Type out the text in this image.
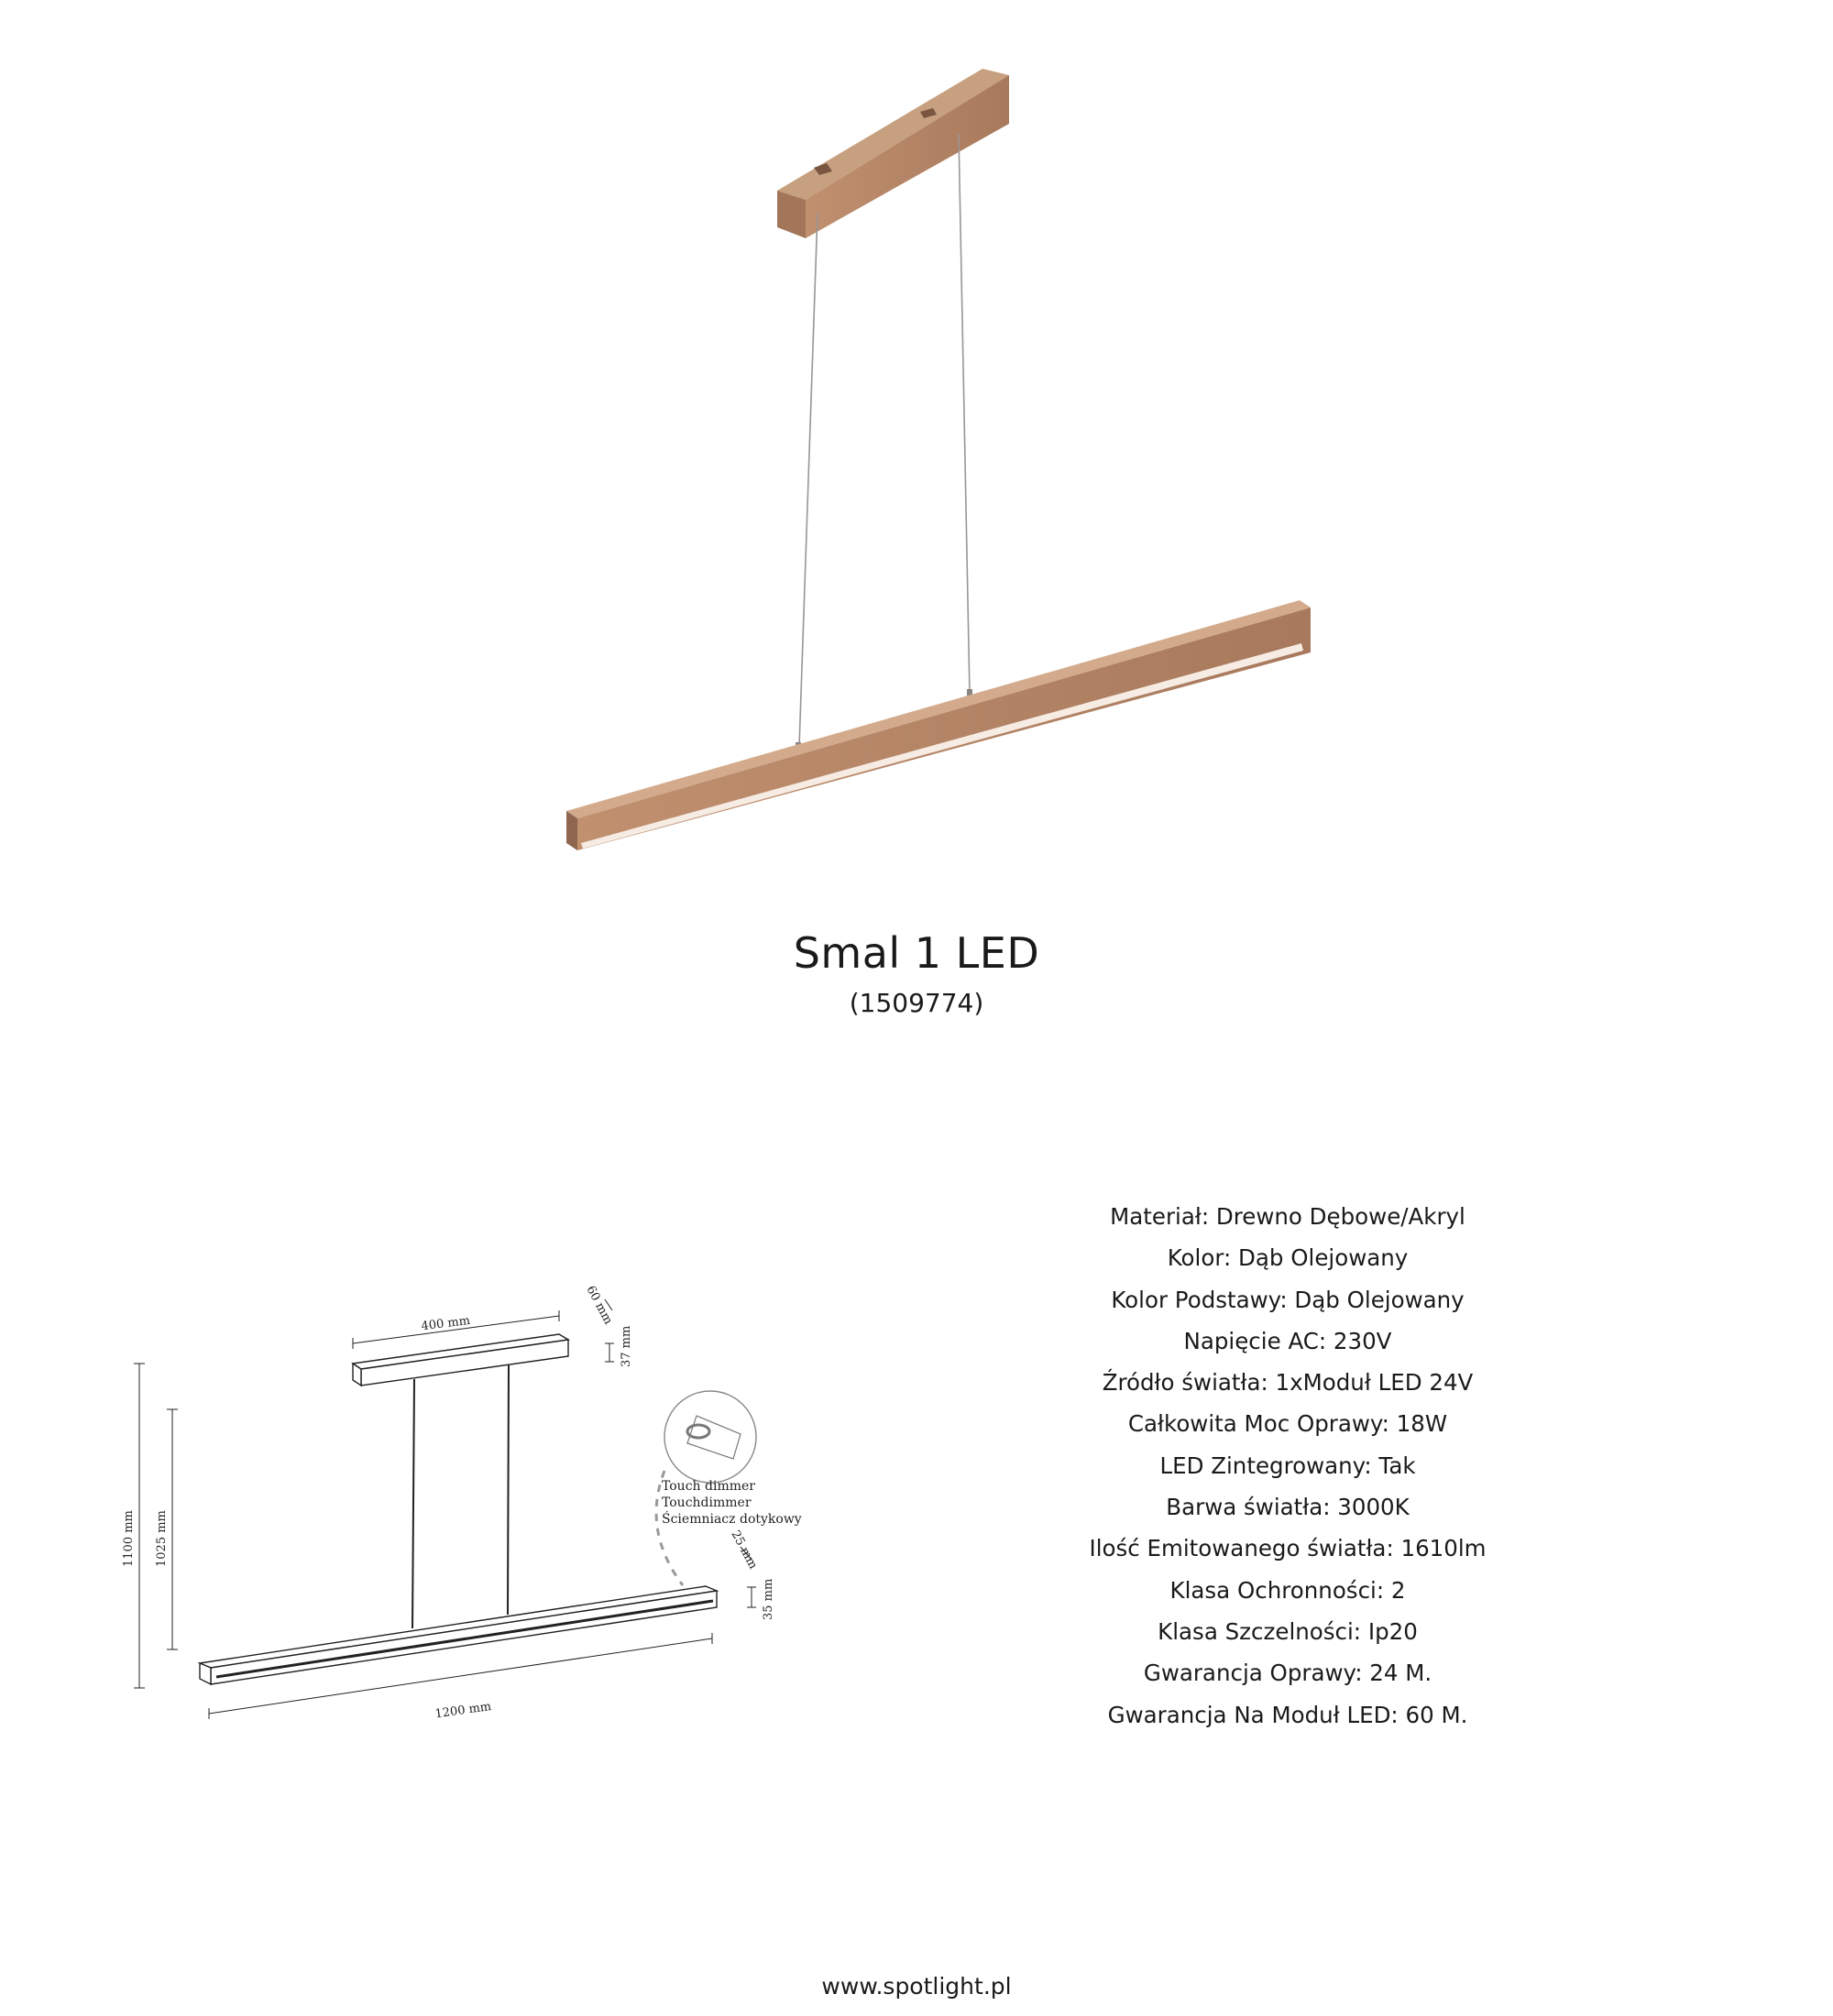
Smal 1 LED

(1509774)

400 mm	60 mm
37 mm
1100 mm 1025 mm	25 mm
35 mm
1200 mm
Touch dimmer
Touchdimmer
Ściemniacz dotykowy
Materiał: Drewno Dębowe/Akryl
Kolor: Dąb Olejowany
Kolor Podstawy: Dąb Olejowany
Napięcie AC: 230V
Źródło światła: 1xModuł LED 24V
Całkowita Moc Oprawy: 18W
LED Zintegrowany: Tak
Barwa światła: 3000K
Ilość Emitowanego światła: 1610lm
Klasa Ochronności: 2
Klasa Szczelności: Ip20
Gwarancja Oprawy: 24 M.
Gwarancja Na Moduł LED: 60 M.
www.spotlight.pl
